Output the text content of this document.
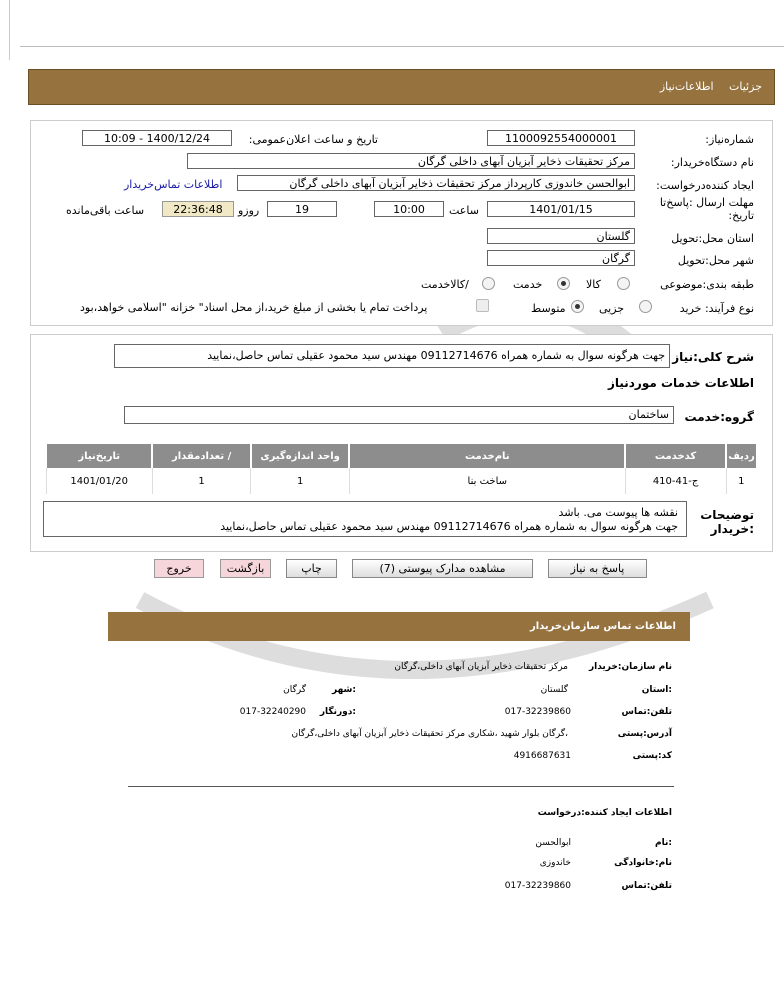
جزئیات اطلاعات‌نیاز
شماره‌نیاز:
1100092554000001
تاریخ و ساعت اعلان‌عمومی:
1400/12/24 - 10:09
نام دستگاه‌خریدار:
مرکز تحقیقات ذخایر آبزیان آبهای داخلی گرگان
ایجاد کننده‌درخواست:
ابوالحسن خاندوزی کارپرداز مرکز تحقیقات ذخایر آبزیان آبهای داخلی گرگان
اطلاعات تماس‌خریدار
مهلت ارسال :پاسخ‌تا تاریخ:
1401/01/15
ساعت
10:00
19
روزو
22:36:48
ساعت باقی‌مانده
استان محل:تحویل
گلستان
شهر محل:تحویل
گرگان
طبقه بندی:موضوعی
کالا
خدمت
/کالاخدمت
نوع فرآیند: خرید
جزیی
متوسط
پرداخت تمام یا بخشی از مبلغ خرید،از محل اسناد" خزانه "اسلامی خواهد،بود
شرح کلی:نیاز
جهت هرگونه سوال به شماره همراه 09112714676 مهندس سید محمود عقیلی تماس حاصل،نمایید
اطلاعات خدمات موردنیاز
گروه:خدمت
ساختمان
ردیف	کدخدمت	نام‌خدمت	واحد اندازه‌گیری	/ تعدادمقدار	تاریخ‌نیاز
1	ج-41-410	ساخت بنا	1	1	1401/01/20
توضیحات :خریدار
نقشه ها پیوست می. باشد
جهت هرگونه سوال به شماره همراه 09112714676 مهندس سید محمود عقیلی تماس حاصل،نمایید
پاسخ به نیاز
مشاهده مدارک پیوستی (7)
چاپ
بازگشت
خروج
اطلاعات تماس سازمان‌خریدار
نام سازمان:خریدار
مرکز تحقیقات ذخایر آبزیان آبهای داخلی،گرگان
:استان
گلستان
:شهر
گرگان
تلفن:تماس
017-32239860
:دورنگار
017-32240290
آدرس:پستی
،گرگان بلوار شهید ،شکاری مرکز تحقیقات ذخایر آبزیان آبهای داخلی،گرگان
کد:پستی
4916687631
اطلاعات ایجاد کننده:درخواست
:نام
ابوالحسن
نام:خانوادگی
خاندوزی
تلفن:تماس
017-32239860
